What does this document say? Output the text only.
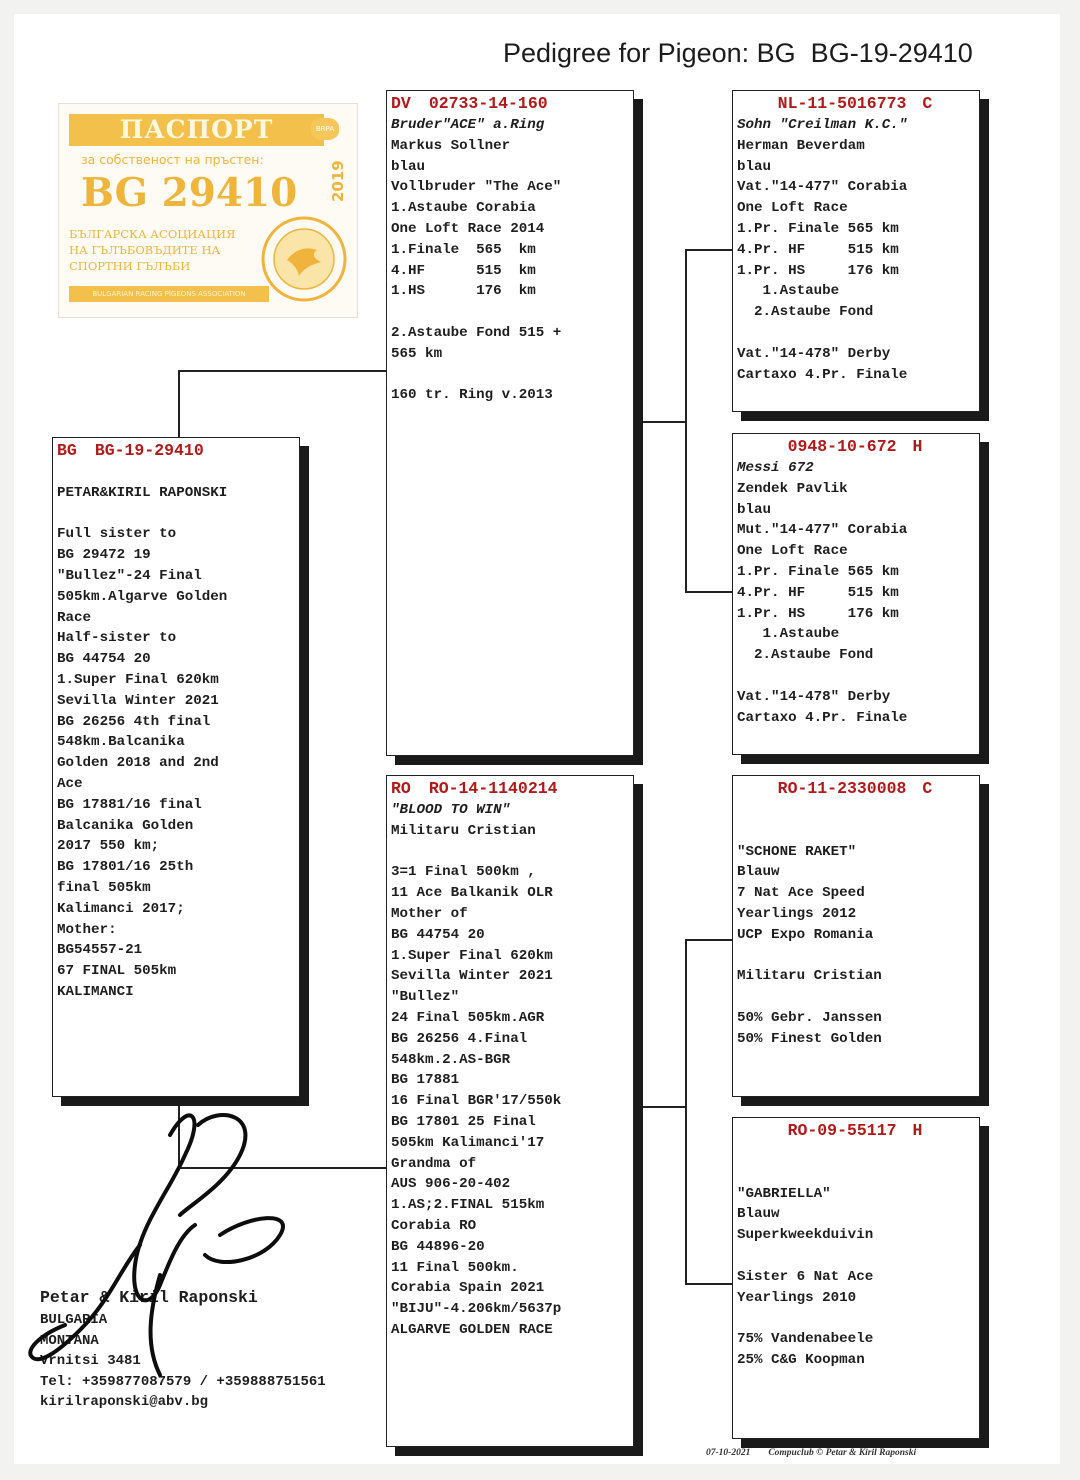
Pedigree for Pigeon: BG  BG-19-29410
ПАСПОРТ	BRPA
за собственост на пръстен:
BG 29410 2019
БЪЛГАРСКА АСОЦИАЦИЯ
НА ГЪЛЪБОВЪДИТЕ НА
СПОРТНИ ГЪЛЪБИ
BULGARIAN RACING PIGEONS ASSOCIATION
BG BG-19-29410
PETAR&KIRIL RAPONSKI
Full sister to
BG 29472 19
"Bullez"-24 Final
505km.Algarve Golden
Race
Half-sister to
BG 44754 20
1.Super Final 620km
Sevilla Winter 2021
BG 26256 4th final
548km.Balcanika
Golden 2018 and 2nd
Ace
BG 17881/16 final
Balcanika Golden
2017 550 km;
BG 17801/16 25th
final 505km
Kalimanci 2017;
Mother:
BG54557-21
67 FINAL 505km
KALIMANCI
DV 02733-14-160
Bruder"ACE" a.Ring
Markus Sollner
blau
Vollbruder "The Ace"
1.Astaube Corabia
One Loft Race 2014
1.Finale  565  km
4.HF      515  km
1.HS      176  km
2.Astaube Fond 515 +
565 km
160 tr. Ring v.2013
RO RO-14-1140214
"BLOOD TO WIN"
Militaru Cristian
3=1 Final 500km ,
11 Ace Balkanik OLR
Mother of
BG 44754 20
1.Super Final 620km
Sevilla Winter 2021
"Bullez"
24 Final 505km.AGR
BG 26256 4.Final
548km.2.AS-BGR
BG 17881
16 Final BGR'17/550k
BG 17801 25 Final
505km Kalimanci'17
Grandma of
AUS 906-20-402
1.AS;2.FINAL 515km
Corabia RO
BG 44896-20
11 Final 500km.
Corabia Spain 2021
"BIJU"-4.206km/5637p
ALGARVE GOLDEN RACE
NL-11-5016773 C
Sohn "Creilman K.C."
Herman Beverdam
blau
Vat."14-477" Corabia
One Loft Race
1.Pr. Finale 565 km
4.Pr. HF     515 km
1.Pr. HS     176 km
1.Astaube
2.Astaube Fond
Vat."14-478" Derby
Cartaxo 4.Pr. Finale
0948-10-672 H
Messi 672
Zendek Pavlik
blau
Mut."14-477" Corabia
One Loft Race
1.Pr. Finale 565 km
4.Pr. HF     515 km
1.Pr. HS     176 km
1.Astaube
2.Astaube Fond
Vat."14-478" Derby
Cartaxo 4.Pr. Finale
RO-11-2330008 C
"SCHONE RAKET"
Blauw
7 Nat Ace Speed
Yearlings 2012
UCP Expo Romania
Militaru Cristian
50% Gebr. Janssen
50% Finest Golden
RO-09-55117 H
"GABRIELLA"
Blauw
Superkweekduivin
Sister 6 Nat Ace
Yearlings 2010
75% Vandenabeele
25% C&G Koopman
Petar & Kiril Raponski
BULGARIA
MONTANA
Vrnitsi 3481
Tel: +359877087579 / +359888751561
kirilraponski@abv.bg
07-10-2021 Compuclub © Petar & Kiril Raponski
